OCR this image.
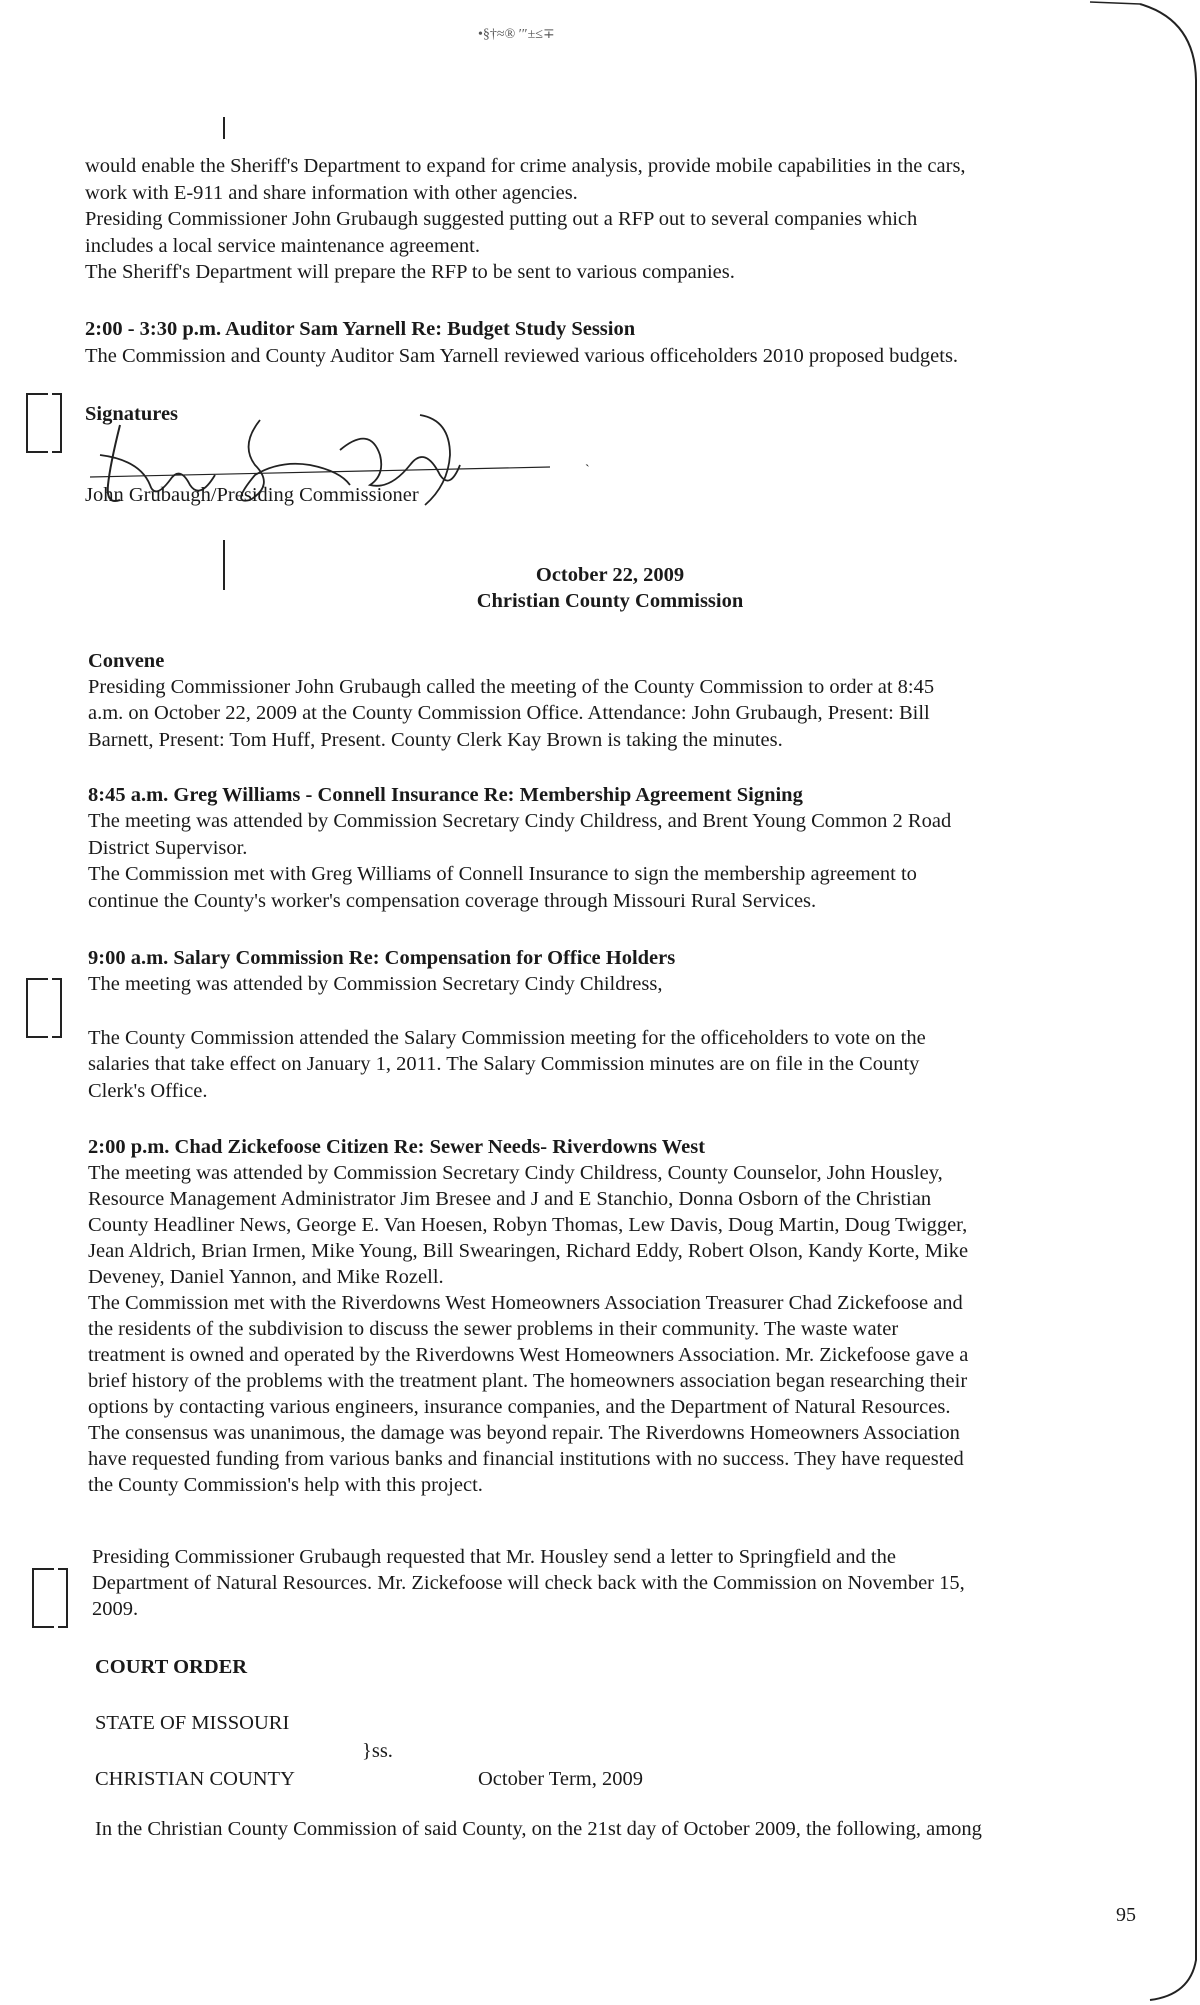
•§†≈® ′″±≤∓
would enable the Sheriff's Department to expand for crime analysis, provide mobile capabilities in the cars,
work with E-911 and share information with other agencies.
Presiding Commissioner John Grubaugh suggested putting out a RFP out to several companies which
includes a local service maintenance agreement.
The Sheriff's Department will prepare the RFP to be sent to various companies.
2:00 - 3:30 p.m. Auditor Sam Yarnell Re: Budget Study Session
The Commission and County Auditor Sam Yarnell reviewed various officeholders 2010 proposed budgets.
Signatures
John Grubaugh/Presiding Commissioner
`
October 22, 2009
Christian County Commission
Convene
Presiding Commissioner John Grubaugh called the meeting of the County Commission to order at 8:45
a.m. on October 22, 2009 at the County Commission Office. Attendance: John Grubaugh, Present: Bill
Barnett, Present: Tom Huff, Present. County Clerk Kay Brown is taking the minutes.
8:45 a.m. Greg Williams - Connell Insurance Re: Membership Agreement Signing
The meeting was attended by Commission Secretary Cindy Childress, and Brent Young Common 2 Road
District Supervisor.
The Commission met with Greg Williams of Connell Insurance to sign the membership agreement to
continue the County's worker's compensation coverage through Missouri Rural Services.
9:00 a.m. Salary Commission Re: Compensation for Office Holders
The meeting was attended by Commission Secretary Cindy Childress,
The County Commission attended the Salary Commission meeting for the officeholders to vote on the
salaries that take effect on January 1, 2011. The Salary Commission minutes are on file in the County
Clerk's Office.
2:00 p.m. Chad Zickefoose Citizen Re: Sewer Needs- Riverdowns West
The meeting was attended by Commission Secretary Cindy Childress, County Counselor, John Housley,
Resource Management Administrator Jim Bresee and J and E Stanchio, Donna Osborn of the Christian
County Headliner News, George E. Van Hoesen, Robyn Thomas, Lew Davis, Doug Martin, Doug Twigger,
Jean Aldrich, Brian Irmen, Mike Young, Bill Swearingen, Richard Eddy, Robert Olson, Kandy Korte, Mike
Deveney, Daniel Yannon, and Mike Rozell.
The Commission met with the Riverdowns West Homeowners Association Treasurer Chad Zickefoose and
the residents of the subdivision to discuss the sewer problems in their community. The waste water
treatment is owned and operated by the Riverdowns West Homeowners Association. Mr. Zickefoose gave a
brief history of the problems with the treatment plant. The homeowners association began researching their
options by contacting various engineers, insurance companies, and the Department of Natural Resources.
The consensus was unanimous, the damage was beyond repair. The Riverdowns Homeowners Association
have requested funding from various banks and financial institutions with no success. They have requested
the County Commission's help with this project.
Presiding Commissioner Grubaugh requested that Mr. Housley send a letter to Springfield and the
Department of Natural Resources. Mr. Zickefoose will check back with the Commission on November 15,
2009.
COURT ORDER
STATE OF MISSOURI
}ss.
CHRISTIAN COUNTY	October Term, 2009
In the Christian County Commission of said County, on the 21st day of October 2009, the following, among
95
